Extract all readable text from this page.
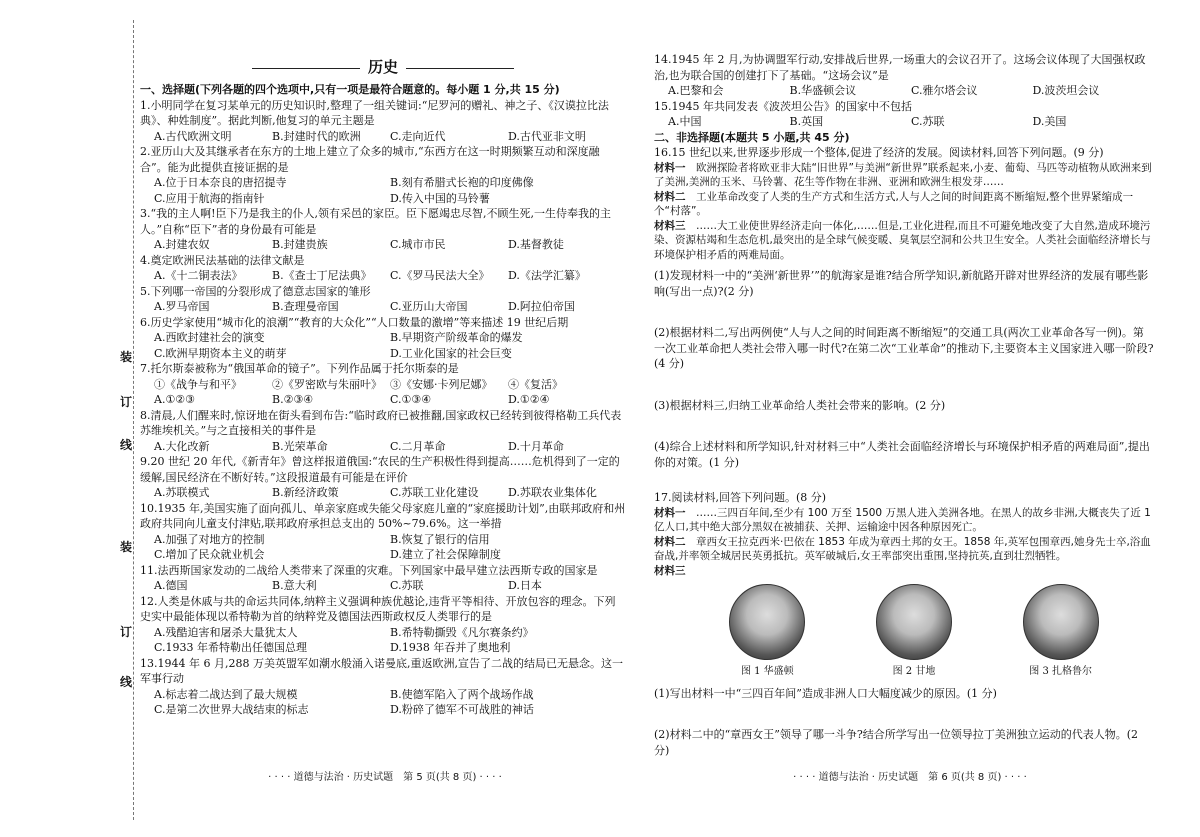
装
订
线
装
订
线
历史
一、选择题(下列各题的四个选项中,只有一项是最符合题意的。每小题 1 分,共 15 分)
1.小明同学在复习某单元的历史知识时,整理了一组关键词:“尼罗河的赠礼、神之子、《汉谟拉比法典》、种姓制度”。据此判断,他复习的单元主题是
A.古代欧洲文明	B.封建时代的欧洲	C.走向近代	D.古代亚非文明
2.亚历山大及其继承者在东方的土地上建立了众多的城市,“东西方在这一时期频繁互动和深度融合”。能为此提供直接证据的是
A.位于日本奈良的唐招提寺	B.刻有希腊式长袍的印度佛像
C.应用于航海的指南针	D.传入中国的马铃薯
3.“我的主人啊!臣下乃是我主的仆人,领有采邑的家臣。臣下愿竭忠尽智,不顾生死,一生侍奉我的主人。”自称“臣下”者的身份最有可能是
A.封建农奴	B.封建贵族	C.城市市民	D.基督教徒
4.奠定欧洲民法基础的法律文献是
A.《十二铜表法》	B.《查士丁尼法典》	C.《罗马民法大全》	D.《法学汇纂》
5.下列哪一帝国的分裂形成了德意志国家的雏形
A.罗马帝国	B.查理曼帝国	C.亚历山大帝国	D.阿拉伯帝国
6.历史学家使用“城市化的浪潮”“教育的大众化”“人口数量的激增”等来描述 19 世纪后期
A.西欧封建社会的演变	B.早期资产阶级革命的爆发
C.欧洲早期资本主义的萌芽	D.工业化国家的社会巨变
7.托尔斯泰被称为“俄国革命的镜子”。下列作品属于托尔斯泰的是
①《战争与和平》	②《罗密欧与朱丽叶》 ③《安娜·卡列尼娜》	④《复活》
A.①②③	B.②③④	C.①③④	D.①②④
8.清晨,人们醒来时,惊讶地在街头看到布告:“临时政府已被推翻,国家政权已经转到彼得格勒工兵代表苏维埃机关。”与之直接相关的事件是
A.大化改新	B.光荣革命	C.二月革命	D.十月革命
9.20 世纪 20 年代,《新青年》曾这样报道俄国:“农民的生产积极性得到提高……危机得到了一定的缓解,国民经济在不断好转。”这段报道最有可能是在评价
A.苏联模式	B.新经济政策	C.苏联工业化建设	D.苏联农业集体化
10.1935 年,美国实施了面向孤儿、单亲家庭或失能父母家庭儿童的“家庭援助计划”,由联邦政府和州政府共同向儿童支付津贴,联邦政府承担总支出的 50%~79.6%。这一举措
A.加强了对地方的控制	B.恢复了银行的信用
C.增加了民众就业机会	D.建立了社会保障制度
11.法西斯国家发动的二战给人类带来了深重的灾难。下列国家中最早建立法西斯专政的国家是
A.德国	B.意大利	C.苏联	D.日本
12.人类是休戚与共的命运共同体,纳粹主义强调种族优越论,违背平等相待、开放包容的理念。下列史实中最能体现以希特勒为首的纳粹党及德国法西斯政权反人类罪行的是
A.残酷迫害和屠杀大量犹太人	B.希特勒撕毁《凡尔赛条约》
C.1933 年希特勒出任德国总理	D.1938 年吞并了奥地利
13.1944 年 6 月,288 万美英盟军如潮水般涌入诺曼底,重返欧洲,宣告了二战的结局已无悬念。这一军事行动
A.标志着二战达到了最大规模	B.使德军陷入了两个战场作战
C.是第二次世界大战结束的标志	D.粉碎了德军不可战胜的神话
14.1945 年 2 月,为协调盟军行动,安排战后世界,一场重大的会议召开了。这场会议体现了大国强权政治,也为联合国的创建打下了基础。“这场会议”是
A.巴黎和会	B.华盛顿会议	C.雅尔塔会议	D.波茨坦会议
15.1945 年共同发表《波茨坦公告》的国家中不包括
A.中国	B.英国	C.苏联	D.美国
二、非选择题(本题共 5 小题,共 45 分)
16.15 世纪以来,世界逐步形成一个整体,促进了经济的发展。阅读材料,回答下列问题。(9 分)
材料一　 欧洲探险者将欧亚非大陆“旧世界”与美洲“新世界”联系起来,小麦、葡萄、马匹等动植物从欧洲来到了美洲,美洲的玉米、马铃薯、花生等作物在非洲、亚洲和欧洲生根发芽……
材料二　 工业革命改变了人类的生产方式和生活方式,人与人之间的时间距离不断缩短,整个世界紧缩成一个“村落”。
材料三　 ……大工业使世界经济走向一体化,……但是,工业化进程,而且不可避免地改变了大自然,造成环境污染、资源枯竭和生态危机,最突出的是全球气候变暖、臭氧层空洞和公共卫生安全。人类社会面临经济增长与环境保护相矛盾的两难局面。
(1)发现材料一中的“美洲‘新世界’”的航海家是谁?结合所学知识,新航路开辟对世界经济的发展有哪些影响(写出一点)?(2 分)
(2)根据材料二,写出两例使“人与人之间的时间距离不断缩短”的交通工具(两次工业革命各写一例)。第一次工业革命把人类社会带入哪一时代?在第二次“工业革命”的推动下,主要资本主义国家进入哪一阶段?(4 分)
(3)根据材料三,归纳工业革命给人类社会带来的影响。(2 分)
(4)综合上述材料和所学知识,针对材料三中“人类社会面临经济增长与环境保护相矛盾的两难局面”,提出你的对策。(1 分)
17.阅读材料,回答下列问题。(8 分)
材料一　 ……三四百年间,至少有 100 万至 1500 万黑人进入美洲各地。在黑人的故乡非洲,大概丧失了近 1 亿人口,其中绝大部分黑奴在被捕获、关押、运输途中因各种原因死亡。
材料二　 章西女王拉克西米·巴依在 1853 年成为章西土邦的女王。1858 年,英军包围章西,她身先士卒,浴血奋战,并率领全城居民英勇抵抗。英军破城后,女王率部突出重围,坚持抗英,直到壮烈牺牲。
材料三
图 1 华盛顿	图 2 甘地	图 3 扎格鲁尔
(1)写出材料一中“三四百年间”造成非洲人口大幅度减少的原因。(1 分)
(2)材料二中的“章西女王”领导了哪一斗争?结合所学写出一位领导拉丁美洲独立运动的代表人物。(2 分)
· · · · 道德与法治 · 历史试题　第 5 页(共 8 页) · · · ·	· · · · 道德与法治 · 历史试题　第 6 页(共 8 页) · · · ·
